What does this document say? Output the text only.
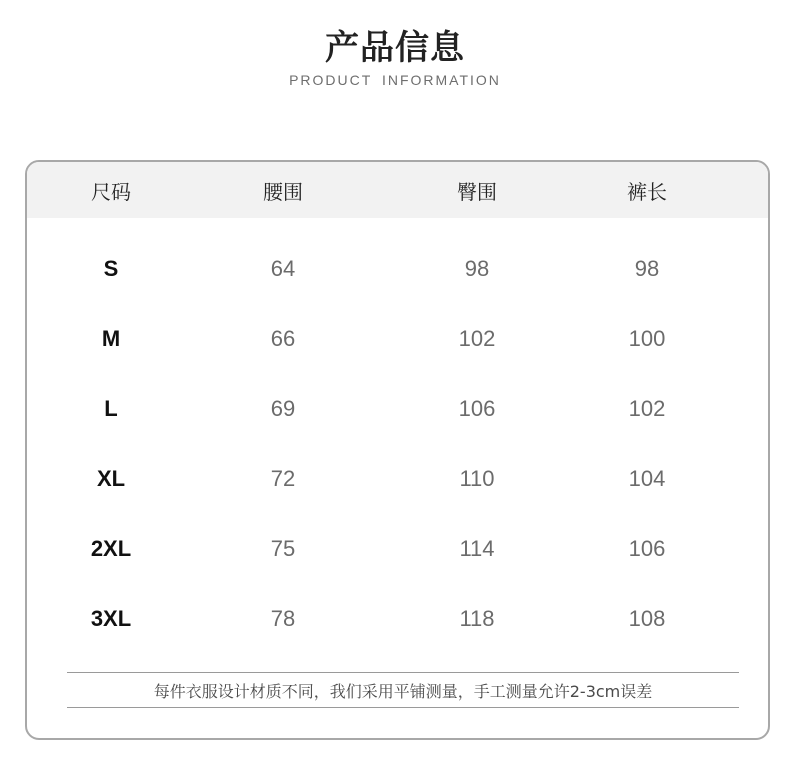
产品信息
PRODUCT INFORMATION
尺码	腰围	臀围	裤长
S	64	98	98
M	66	102	100
L	69	106	102
XL	72	110	104
2XL	75	114	106
3XL	78	118	108
每件衣服设计材质不同，我们采用平铺测量，手工测量允许2-3cm误差
